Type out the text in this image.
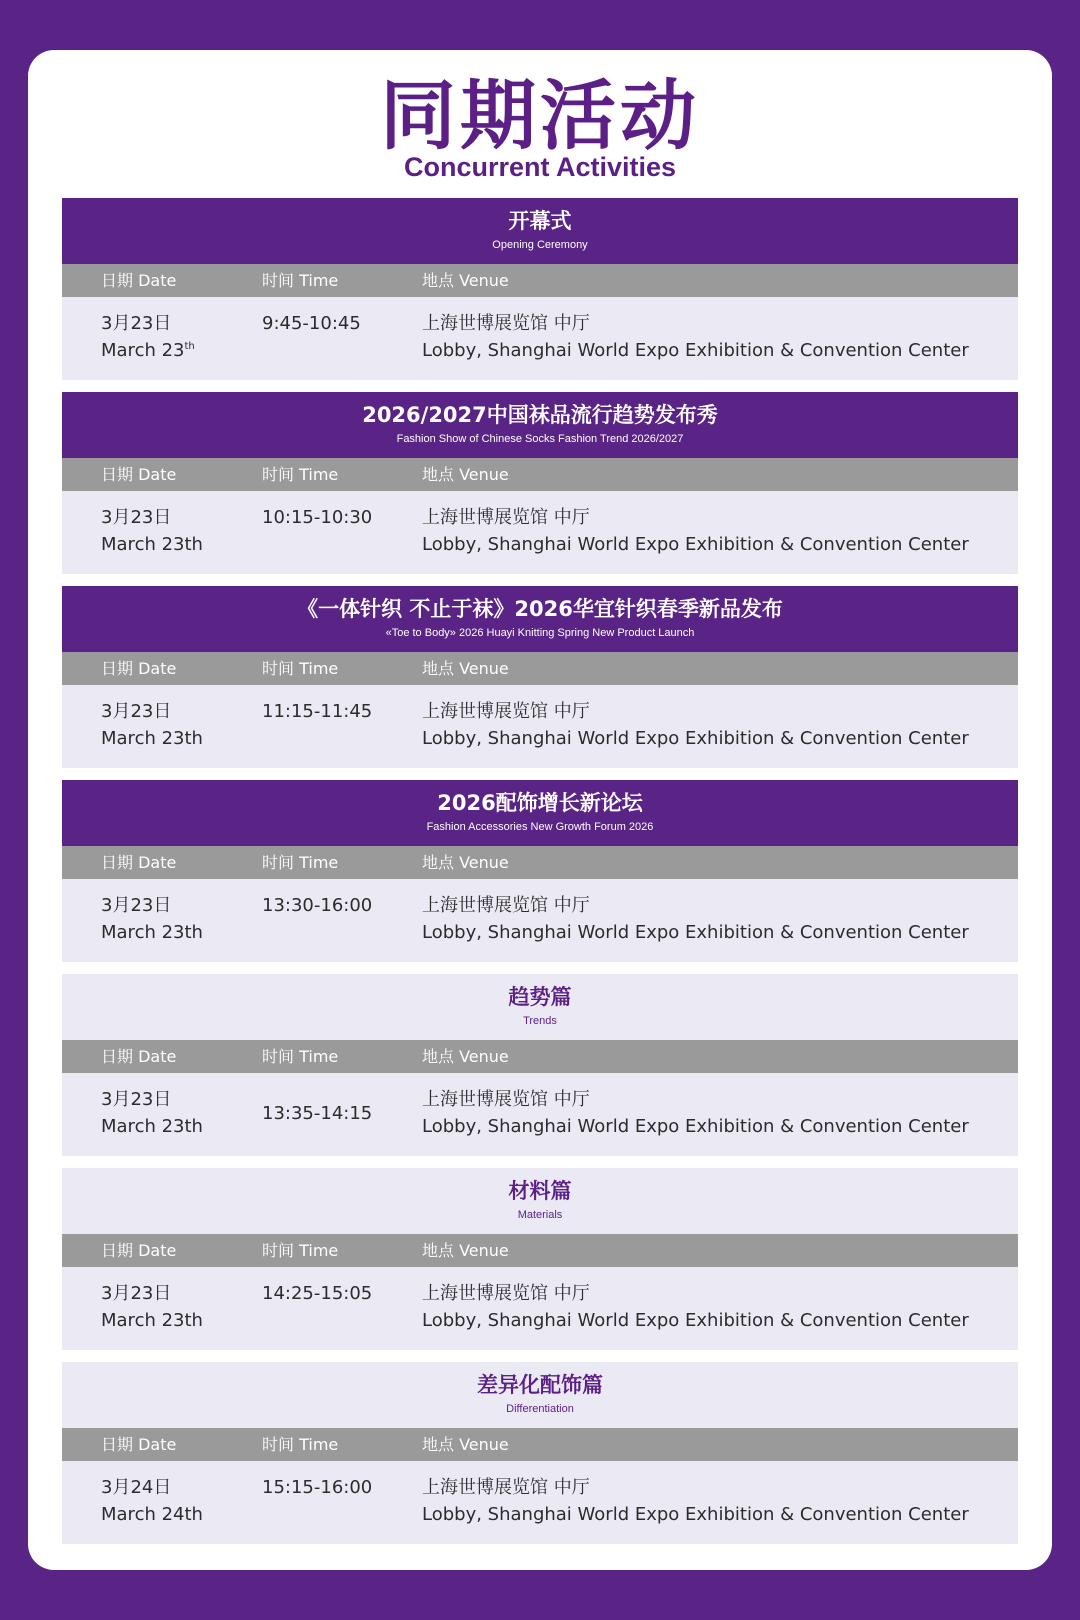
同期活动
Concurrent Activities
开幕式
Opening Ceremony
日期 Date	时间 Time	地点 Venue
3月23日
March 23th
9:45-10:45	上海世博展览馆 中厅
Lobby, Shanghai World Expo Exhibition & Convention Center
2026/2027中国袜品流行趋势发布秀
Fashion Show of Chinese Socks Fashion Trend 2026/2027
日期 Date	时间 Time	地点 Venue
3月23日
March 23th
10:15-10:30	上海世博展览馆 中厅
Lobby, Shanghai World Expo Exhibition & Convention Center
《一体针织 不止于袜》2026华宜针织春季新品发布
«Toe to Body» 2026 Huayi Knitting Spring New Product Launch
日期 Date	时间 Time	地点 Venue
3月23日
March 23th
11:15-11:45	上海世博展览馆 中厅
Lobby, Shanghai World Expo Exhibition & Convention Center
2026配饰增长新论坛
Fashion Accessories New Growth Forum 2026
日期 Date	时间 Time	地点 Venue
3月23日
March 23th
13:30-16:00	上海世博展览馆 中厅
Lobby, Shanghai World Expo Exhibition & Convention Center
趋势篇
Trends
日期 Date	时间 Time	地点 Venue
3月23日
March 23th
13:35-14:15
上海世博展览馆 中厅
Lobby, Shanghai World Expo Exhibition & Convention Center
材料篇
Materials
日期 Date	时间 Time	地点 Venue
3月23日
March 23th
14:25-15:05	上海世博展览馆 中厅
Lobby, Shanghai World Expo Exhibition & Convention Center
差异化配饰篇
Differentiation
日期 Date	时间 Time	地点 Venue
3月24日
March 24th
15:15-16:00	上海世博展览馆 中厅
Lobby, Shanghai World Expo Exhibition & Convention Center
